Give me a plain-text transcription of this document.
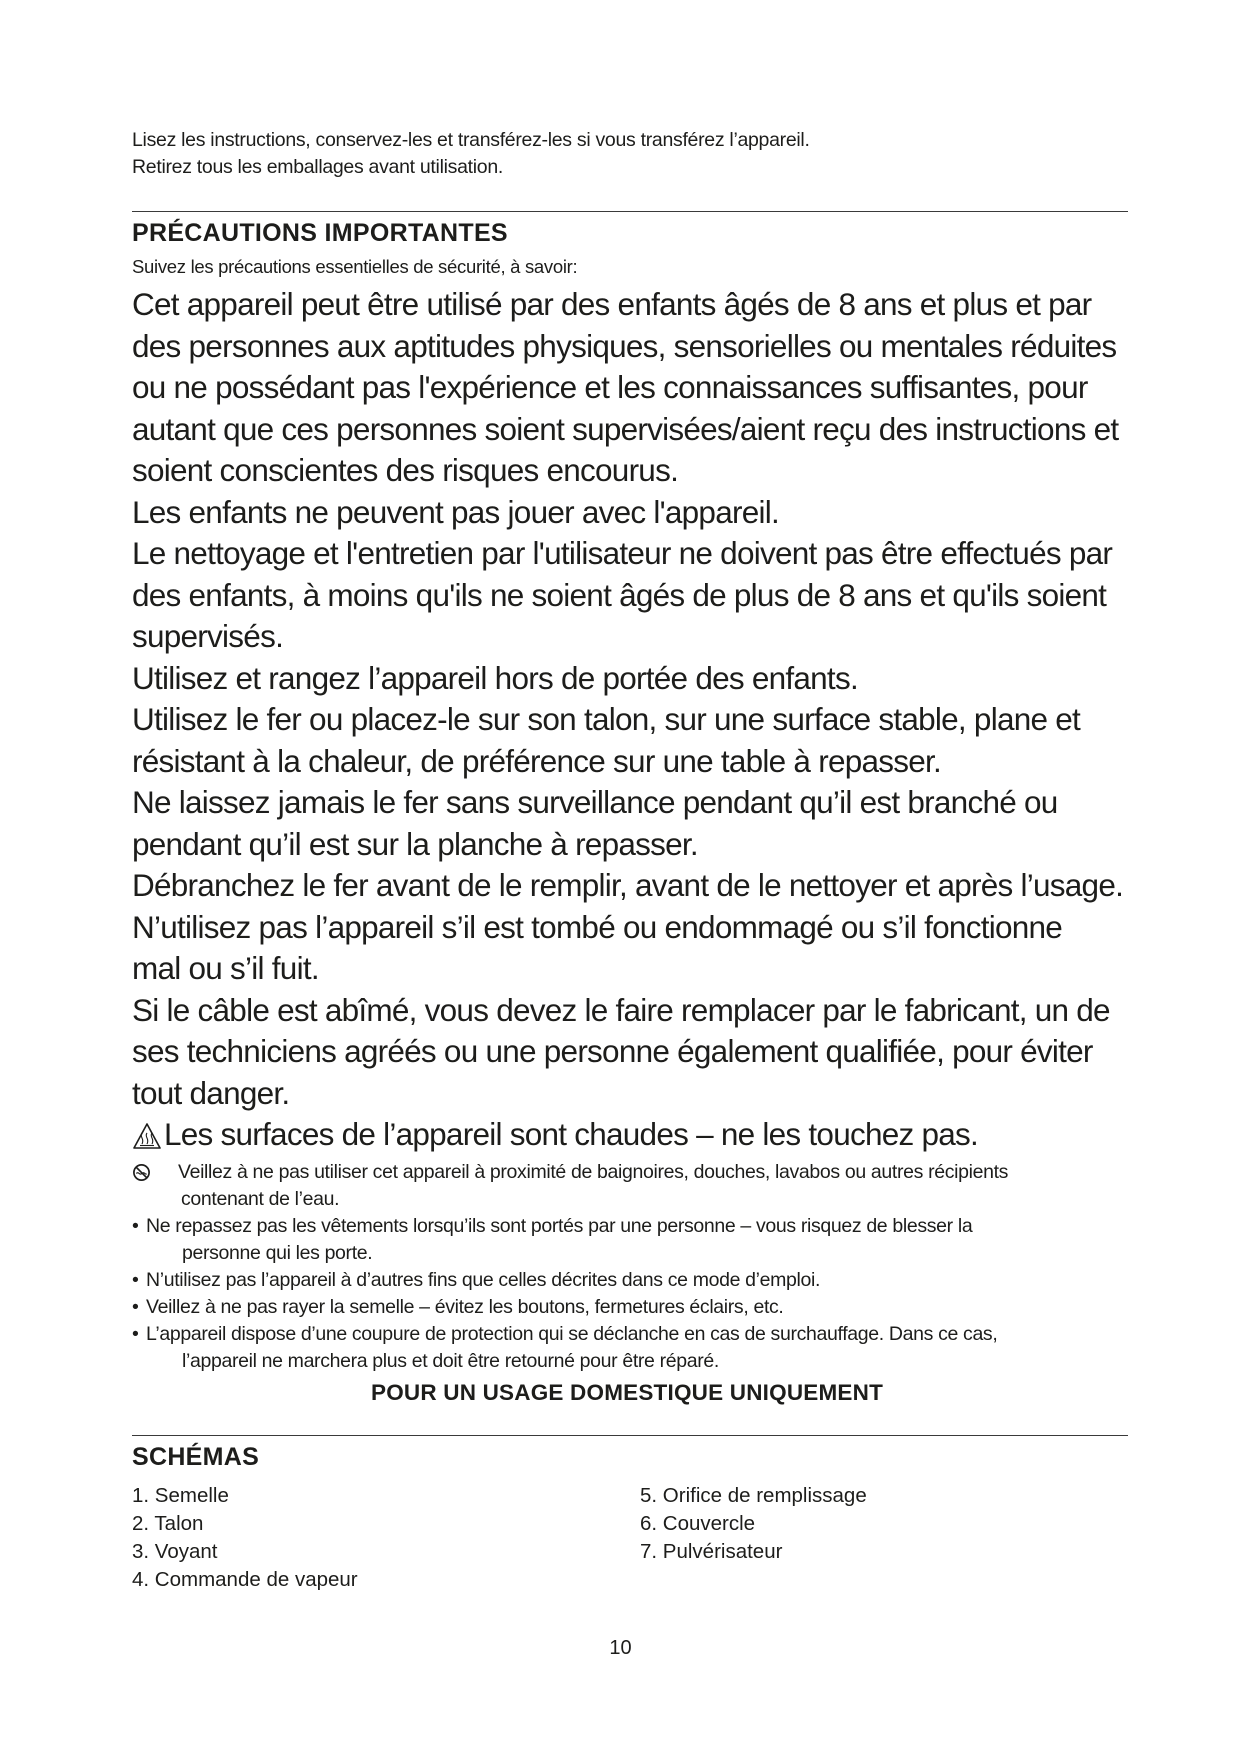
Lisez les instructions, conservez-les et transférez-les si vous transférez l’appareil.

Retirez tous les emballages avant utilisation.

PRÉCAUTIONS IMPORTANTES

Suivez les précautions essentielles de sécurité, à savoir:

Cet appareil peut être utilisé par des enfants âgés de 8 ans et plus et par

des personnes aux aptitudes physiques, sensorielles ou mentales réduites

ou ne possédant pas l'expérience et les connaissances suffisantes, pour

autant que ces personnes soient supervisées/aient reçu des instructions et

soient conscientes des risques encourus.

Les enfants ne peuvent pas jouer avec l'appareil.

Le nettoyage et l'entretien par l'utilisateur ne doivent pas être effectués par

des enfants, à moins qu'ils ne soient âgés de plus de 8 ans et qu'ils soient

supervisés.

Utilisez et rangez l’appareil hors de portée des enfants.

Utilisez le fer ou placez-le sur son talon, sur une surface stable, plane et

résistant à la chaleur, de préférence sur une table à repasser.

Ne laissez jamais le fer sans surveillance pendant qu’il est branché ou

pendant qu’il est sur la planche à repasser.

Débranchez le fer avant de le remplir, avant de le nettoyer et après l’usage.

N’utilisez pas l’appareil s’il est tombé ou endommagé ou s’il fonctionne

mal ou s’il fuit.

Si le câble est abîmé, vous devez le faire remplacer par le fabricant, un de

ses techniciens agréés ou une personne également qualifiée, pour éviter

tout danger.

Les surfaces de l’appareil sont chaudes – ne les touchez pas.

Veillez à ne pas utiliser cet appareil à proximité de baignoires, douches, lavabos ou autres récipients
contenant de l’eau.
• Ne repassez pas les vêtements lorsqu’ils sont portés par une personne – vous risquez de blesser la
personne qui les porte.
• N’utilisez pas l’appareil à d’autres fins que celles décrites dans ce mode d’emploi.
• Veillez à ne pas rayer la semelle – évitez les boutons, fermetures éclairs, etc.
• L’appareil dispose d’une coupure de protection qui se déclanche en cas de surchauffage. Dans ce cas,
l’appareil ne marchera plus et doit être retourné pour être réparé.

POUR UN USAGE DOMESTIQUE UNIQUEMENT

SCHÉMAS
1. Semelle
2. Talon
3. Voyant
4. Commande de vapeur
5. Orifice de remplissage
6. Couvercle
7. Pulvérisateur
10
